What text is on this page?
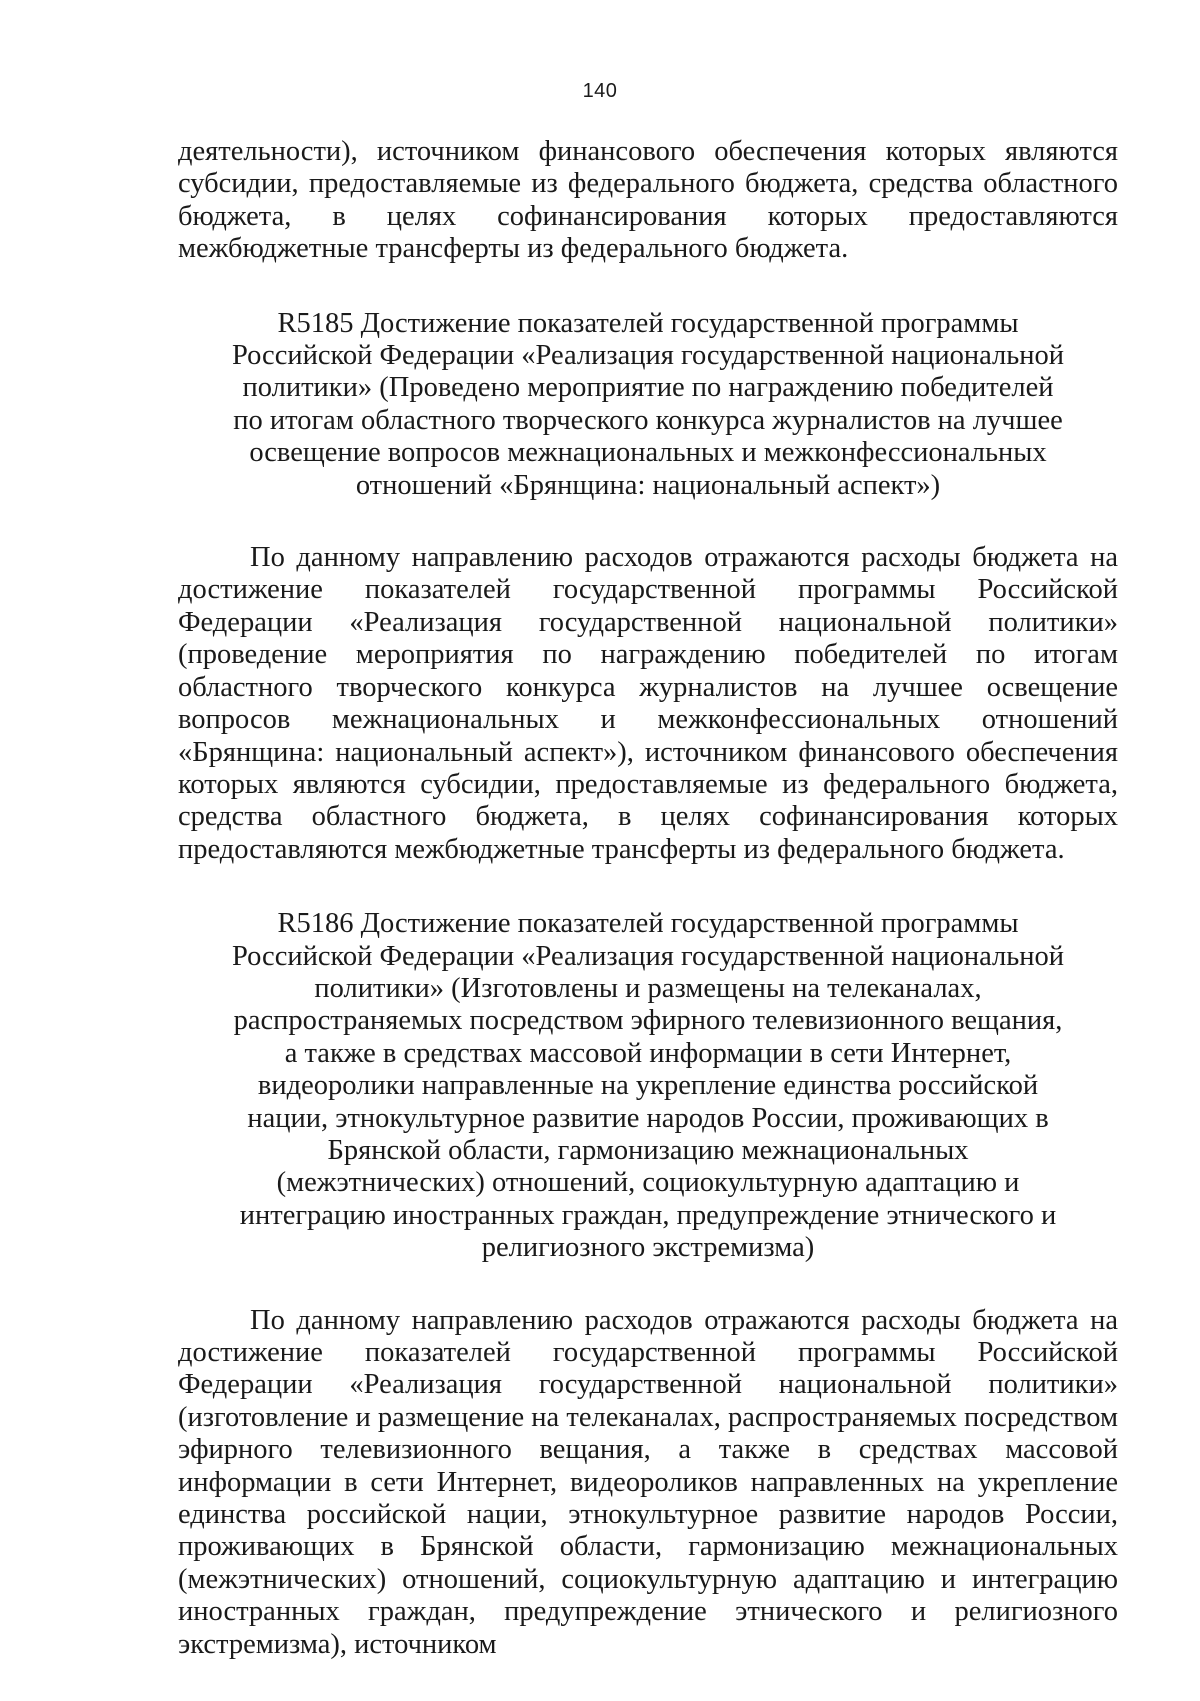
140

деятельности), источником финансового обеспечения которых являются субсидии, предоставляемые из федерального бюджета, средства областного бюджета, в целях софинансирования которых предоставляются межбюджетные трансферты из федерального бюджета.

R5185 Достижение показателей государственной программы Российской Федерации «Реализация государственной национальной политики» (Проведено мероприятие по награждению победителей по итогам областного творческого конкурса журналистов на лучшее освещение вопросов межнациональных и межконфессиональных отношений «Брянщина: национальный аспект»)

По данному направлению расходов отражаются расходы бюджета на достижение показателей государственной программы Российской Федерации «Реализация государственной национальной политики» (проведение мероприятия по награждению победителей по итогам областного творческого конкурса журналистов на лучшее освещение вопросов межнациональных и межконфессиональных отношений «Брянщина: национальный аспект»), источником финансового обеспечения которых являются субсидии, предоставляемые из федерального бюджета, средства областного бюджета, в целях софинансирования которых предоставляются межбюджетные трансферты из федерального бюджета.

R5186 Достижение показателей государственной программы Российской Федерации «Реализация государственной национальной политики» (Изготовлены и размещены на телеканалах, распространяемых посредством эфирного телевизионного вещания, а также в средствах массовой информации в сети Интернет, видеоролики направленные на укрепление единства российской нации, этнокультурное развитие народов России, проживающих в Брянской области, гармонизацию межнациональных (межэтнических) отношений, социокультурную адаптацию и интеграцию иностранных граждан, предупреждение этнического и религиозного экстремизма)

По данному направлению расходов отражаются расходы бюджета на достижение показателей государственной программы Российской Федерации «Реализация государственной национальной политики» (изготовление и размещение на телеканалах, распространяемых посредством эфирного телевизионного вещания, а также в средствах массовой информации в сети Интернет, видеороликов направленных на укрепление единства российской нации, этнокультурное развитие народов России, проживающих в Брянской области, гармонизацию межнациональных (межэтнических) отношений, социокультурную адаптацию и интеграцию иностранных граждан, предупреждение этнического и религиозного экстремизма), источником
